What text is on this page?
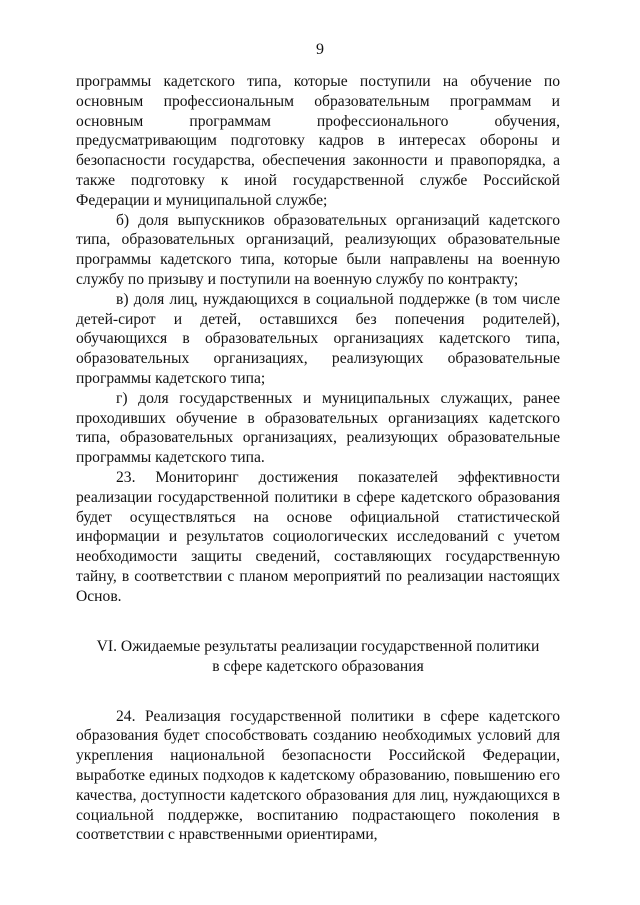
9

программы кадетского типа, которые поступили на обучение по основным профессиональным образовательным программам и основным программам профессионального обучения, предусматривающим подготовку кадров в интересах обороны и безопасности государства, обеспечения законности и правопорядка, а также подготовку к иной государственной службе Российской Федерации и муниципальной службе;

б) доля выпускников образовательных организаций кадетского типа, образовательных организаций, реализующих образовательные программы кадетского типа, которые были направлены на военную службу по призыву и поступили на военную службу по контракту;

в) доля лиц, нуждающихся в социальной поддержке (в том числе детей-сирот и детей, оставшихся без попечения родителей), обучающихся в образовательных организациях кадетского типа, образовательных организациях, реализующих образовательные программы кадетского типа;

г) доля государственных и муниципальных служащих, ранее проходивших обучение в образовательных организациях кадетского типа, образовательных организациях, реализующих образовательные программы кадетского типа.

23. Мониторинг достижения показателей эффективности реализации государственной политики в сфере кадетского образования будет осуществляться на основе официальной статистической информации и результатов социологических исследований с учетом необходимости защиты сведений, составляющих государственную тайну, в соответствии с планом мероприятий по реализации настоящих Основ.

VI. Ожидаемые результаты реализации государственной политики
в сфере кадетского образования

24. Реализация государственной политики в сфере кадетского образования будет способствовать созданию необходимых условий для укрепления национальной безопасности Российской Федерации, выработке единых подходов к кадетскому образованию, повышению его качества, доступности кадетского образования для лиц, нуждающихся в социальной поддержке, воспитанию подрастающего поколения в соответствии с нравственными ориентирами,
